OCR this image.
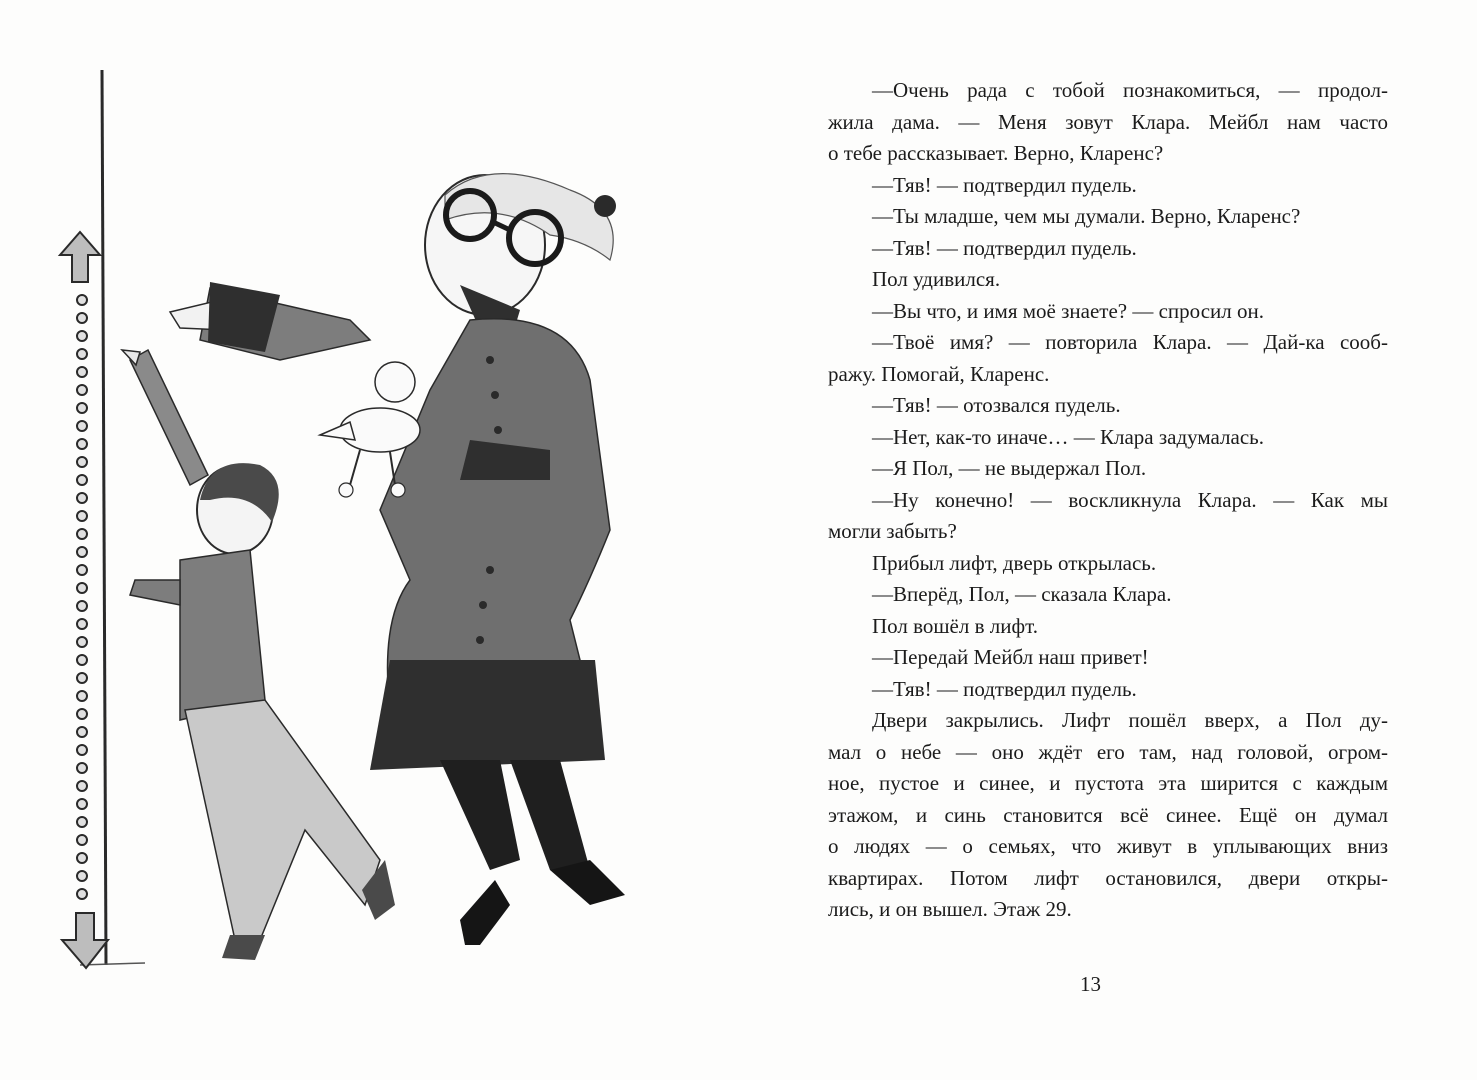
—Очень рада с тобой познакомиться, — продол-

жила дама. — Меня зовут Клара. Мейбл нам часто

о тебе рассказывает. Верно, Кларенс?

—Тяв! — подтвердил пудель.

—Ты младше, чем мы думали. Верно, Кларенс?

—Тяв! — подтвердил пудель.

Пол удивился.

—Вы что, и имя моё знаете? — спросил он.

—Твоё имя? — повторила Клара. — Дай-ка сооб-

ражу. Помогай, Кларенс.

—Тяв! — отозвался пудель.

—Нет, как-то иначе… — Клара задумалась.

—Я Пол, — не выдержал Пол.

—Ну конечно! — воскликнула Клара. — Как мы

могли забыть?

Прибыл лифт, дверь открылась.

—Вперёд, Пол, — сказала Клара.

Пол вошёл в лифт.

—Передай Мейбл наш привет!

—Тяв! — подтвердил пудель.

Двери закрылись. Лифт пошёл вверх, а Пол ду-

мал о небе — оно ждёт его там, над головой, огром-

ное, пустое и синее, и пустота эта ширится с каждым

этажом, и синь становится всё синее. Ещё он думал

о людях — о семьях, что живут в уплывающих вниз

квартирах. Потом лифт остановился, двери откры-

лись, и он вышел. Этаж 29.

13
